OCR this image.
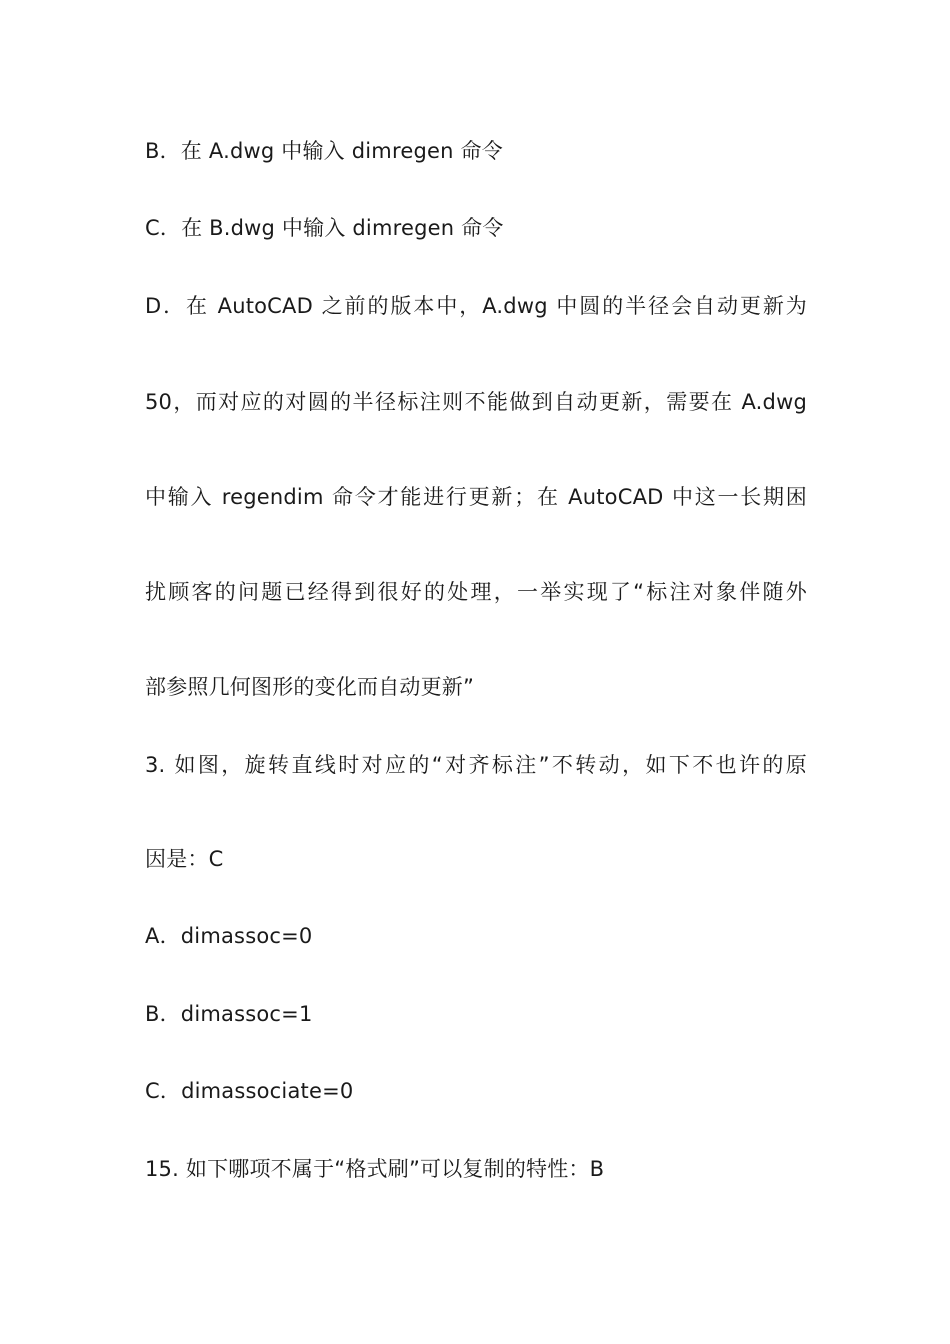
B．在 A.dwg 中输入 dimregen 命令
C．在 B.dwg 中输入 dimregen 命令
D．在 AutoCAD 之前的版本中，A.dwg 中圆的半径会自动更新为
50，而对应的对圆的半径标注则不能做到自动更新，需要在 A.dwg
中输入 regendim 命令才能进行更新；在 AutoCAD 中这一长期困
扰顾客的问题已经得到很好的处理，一举实现了“标注对象伴随外
部参照几何图形的变化而自动更新”
3. 如图，旋转直线时对应的“对齐标注”不转动，如下不也许的原
因是：C
A．dimassoc=0
B．dimassoc=1
C．dimassociate=0
15. 如下哪项不属于“格式刷”可以复制的特性：B
